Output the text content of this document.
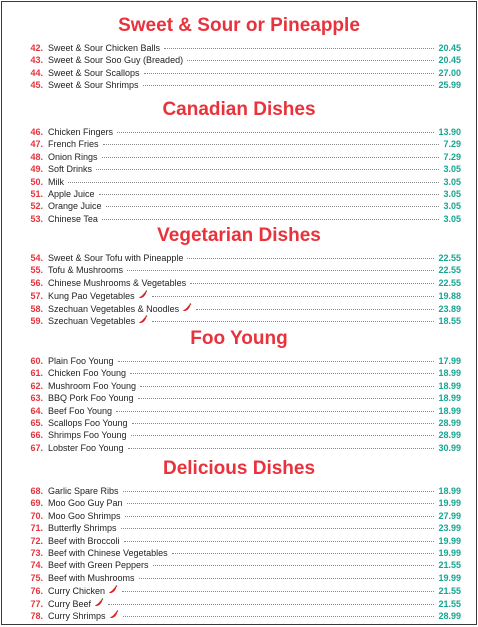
Sweet & Sour or Pineapple
42. Sweet & Sour Chicken Balls	20.45
43. Sweet & Sour Soo Guy (Breaded)	20.45
44. Sweet & Sour Scallops	27.00
45. Sweet & Sour Shrimps	25.99
Canadian Dishes
46. Chicken Fingers	13.90
47. French Fries	7.29
48. Onion Rings	7.29
49. Soft Drinks	3.05
50. Milk	3.05
51. Apple Juice	3.05
52. Orange Juice	3.05
53. Chinese Tea	3.05
Vegetarian Dishes
54. Sweet & Sour Tofu with Pineapple	22.55
55. Tofu & Mushrooms	22.55
56. Chinese Mushrooms & Vegetables	22.55
57. Kung Pao Vegetables	19.88
58. Szechuan Vegetables & Noodles	23.89
59. Szechuan Vegetables	18.55
Foo Young
60. Plain Foo Young	17.99
61. Chicken Foo Young	18.99
62. Mushroom Foo Young	18.99
63. BBQ Pork Foo Young	18.99
64. Beef Foo Young	18.99
65. Scallops Foo Young	28.99
66. Shrimps Foo Young	28.99
67. Lobster Foo Young	30.99
Delicious Dishes
68. Garlic Spare Ribs	18.99
69. Moo Goo Guy Pan	19.99
70. Moo Goo Shrimps	27.99
71. Butterfly Shrimps	23.99
72. Beef with Broccoli	19.99
73. Beef with Chinese Vegetables	19.99
74. Beef with Green Peppers	21.55
75. Beef with Mushrooms	19.99
76. Curry Chicken	21.55
77. Curry Beef	21.55
78. Curry Shrimps	28.99
